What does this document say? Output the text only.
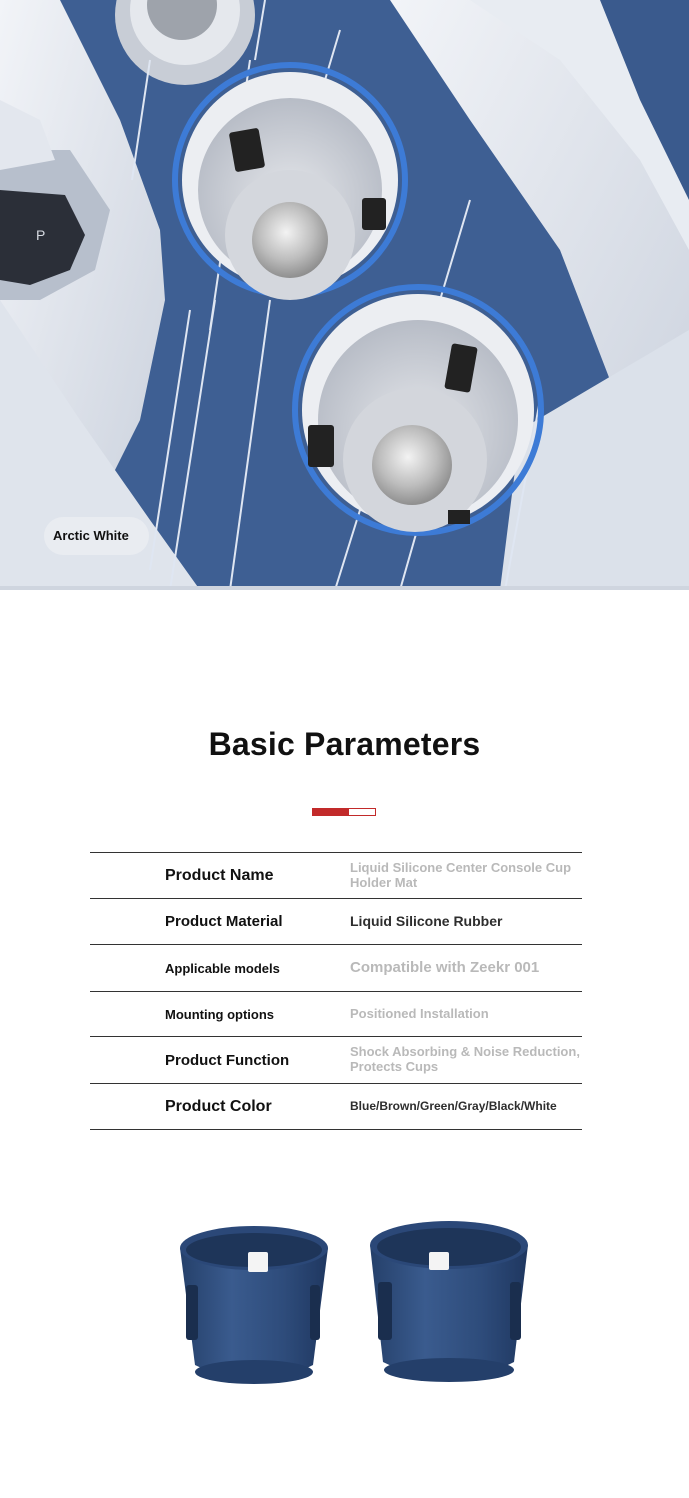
P
Arctic White
Basic Parameters
Product Name	Liquid Silicone Center Console Cup Holder Mat
Product Material	Liquid Silicone Rubber
Applicable models	Compatible with Zeekr 001
Mounting options	Positioned Installation
Product Function	Shock Absorbing & Noise Reduction, Protects Cups
Product Color	Blue/Brown/Green/Gray/Black/White
